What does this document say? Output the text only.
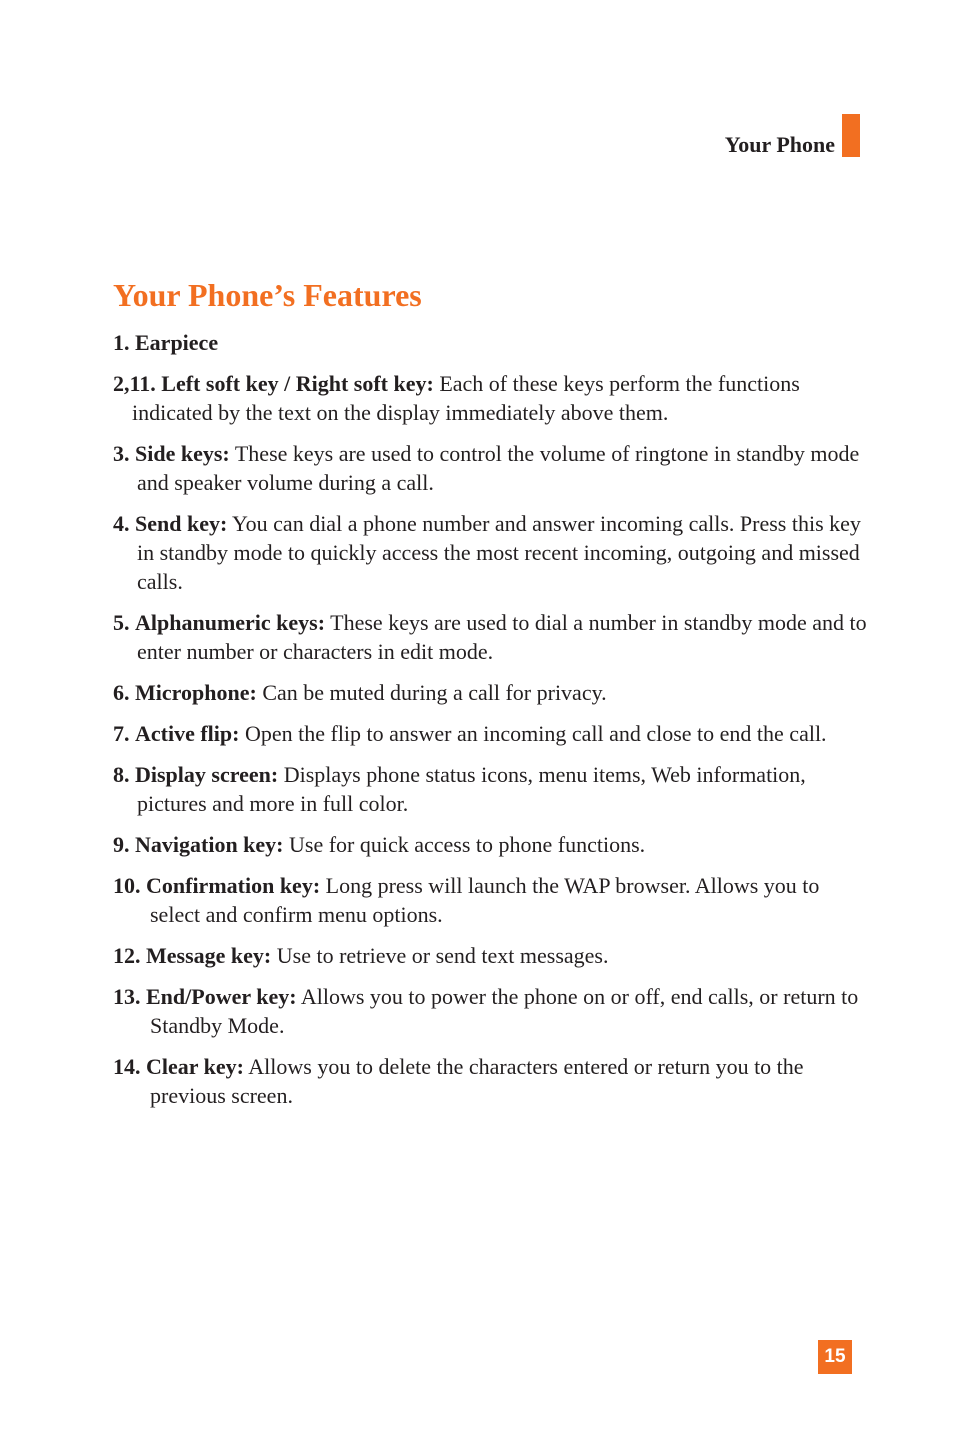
Your Phone
Your Phone’s Features
1. Earpiece
2,11. Left soft key / Right soft key: Each of these keys perform the functions indicated by the text on the display immediately above them.
3. Side keys: These keys are used to control the volume of ringtone in standby mode and speaker volume during a call.
4. Send key: You can dial a phone number and answer incoming calls. Press this key in standby mode to quickly access the most recent incoming, outgoing and missed calls.
5. Alphanumeric keys: These keys are used to dial a number in standby mode and to enter number or characters in edit mode.
6. Microphone: Can be muted during a call for privacy.
7. Active flip: Open the flip to answer an incoming call and close to end the call.
8. Display screen: Displays phone status icons, menu items, Web information, pictures and more in full color.
9. Navigation key: Use for quick access to phone functions.
10. Confirmation key: Long press will launch the WAP browser. Allows you to select and confirm menu options.
12. Message key: Use to retrieve or send text messages.
13. End/Power key: Allows you to power the phone on or off, end calls, or return to Standby Mode.
14. Clear key: Allows you to delete the characters entered or return you to the previous screen.
15
